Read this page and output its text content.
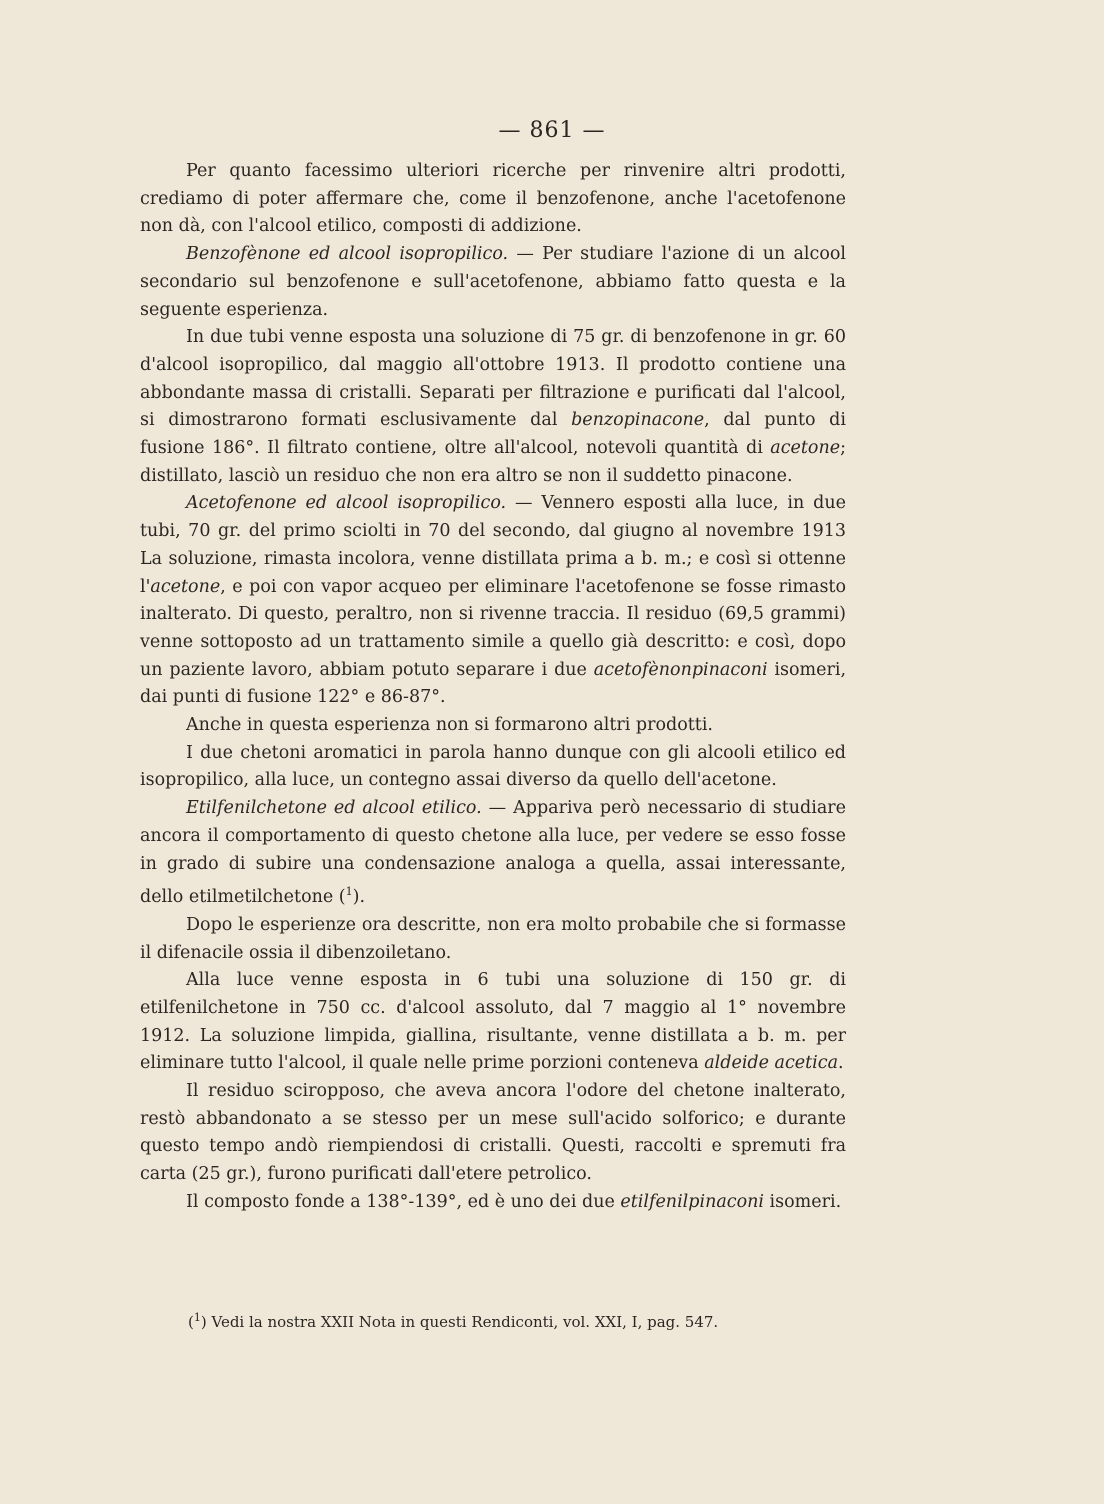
— 861 —

Per quanto facessimo ulteriori ricerche per rinvenire altri prodotti, crediamo di poter affermare che, come il benzofenone, anche l'acetofenone non dà, con l'alcool etilico, composti di addizione.

Benzofènone ed alcool isopropilico. — Per studiare l'azione di un alcool secondario sul benzofenone e sull'acetofenone, abbiamo fatto questa e la seguente esperienza.

In due tubi venne esposta una soluzione di 75 gr. di benzofenone in gr. 60 d'alcool isopropilico, dal maggio all'ottobre 1913. Il prodotto contiene una abbondante massa di cristalli. Separati per filtrazione e purificati dal l'alcool, si dimostrarono formati esclusivamente dal benzopinacone, dal punto di fusione 186°. Il filtrato contiene, oltre all'alcool, notevoli quantità di acetone; distillato, lasciò un residuo che non era altro se non il suddetto pinacone.

Acetofenone ed alcool isopropilico. — Vennero esposti alla luce, in due tubi, 70 gr. del primo sciolti in 70 del secondo, dal giugno al novembre 1913 La soluzione, rimasta incolora, venne distillata prima a b. m.; e così si ottenne l'acetone, e poi con vapor acqueo per eliminare l'acetofenone se fosse rimasto inalterato. Di questo, peraltro, non si rivenne traccia. Il residuo (69,5 grammi) venne sottoposto ad un trattamento simile a quello già descritto: e così, dopo un paziente lavoro, abbiam potuto separare i due acetofènonpinaconi isomeri, dai punti di fusione 122° e 86-87°.

Anche in questa esperienza non si formarono altri prodotti.

I due chetoni aromatici in parola hanno dunque con gli alcooli etilico ed isopropilico, alla luce, un contegno assai diverso da quello dell'acetone.

Etilfenilchetone ed alcool etilico. — Appariva però necessario di studiare ancora il comportamento di questo chetone alla luce, per vedere se esso fosse in grado di subire una condensazione analoga a quella, assai interessante, dello etilmetilchetone ($^1$).

Dopo le esperienze ora descritte, non era molto probabile che si formasse il difenacile ossia il dibenzoiletano.

Alla luce venne esposta in 6 tubi una soluzione di 150 gr. di etilfenilchetone in 750 cc. d'alcool assoluto, dal 7 maggio al 1° novembre 1912. La soluzione limpida, giallina, risultante, venne distillata a b. m. per eliminare tutto l'alcool, il quale nelle prime porzioni conteneva aldeide acetica.

Il residuo sciropposo, che aveva ancora l'odore del chetone inalterato, restò abbandonato a se stesso per un mese sull'acido solforico; e durante questo tempo andò riempiendosi di cristalli. Questi, raccolti e spremuti fra carta (25 gr.), furono purificati dall'etere petrolico.

Il composto fonde a 138°-139°, ed è uno dei due etilfenilpinaconi isomeri.

($^1$) Vedi la nostra XXII Nota in questi Rendiconti, vol. XXI, I, pag. 547.
